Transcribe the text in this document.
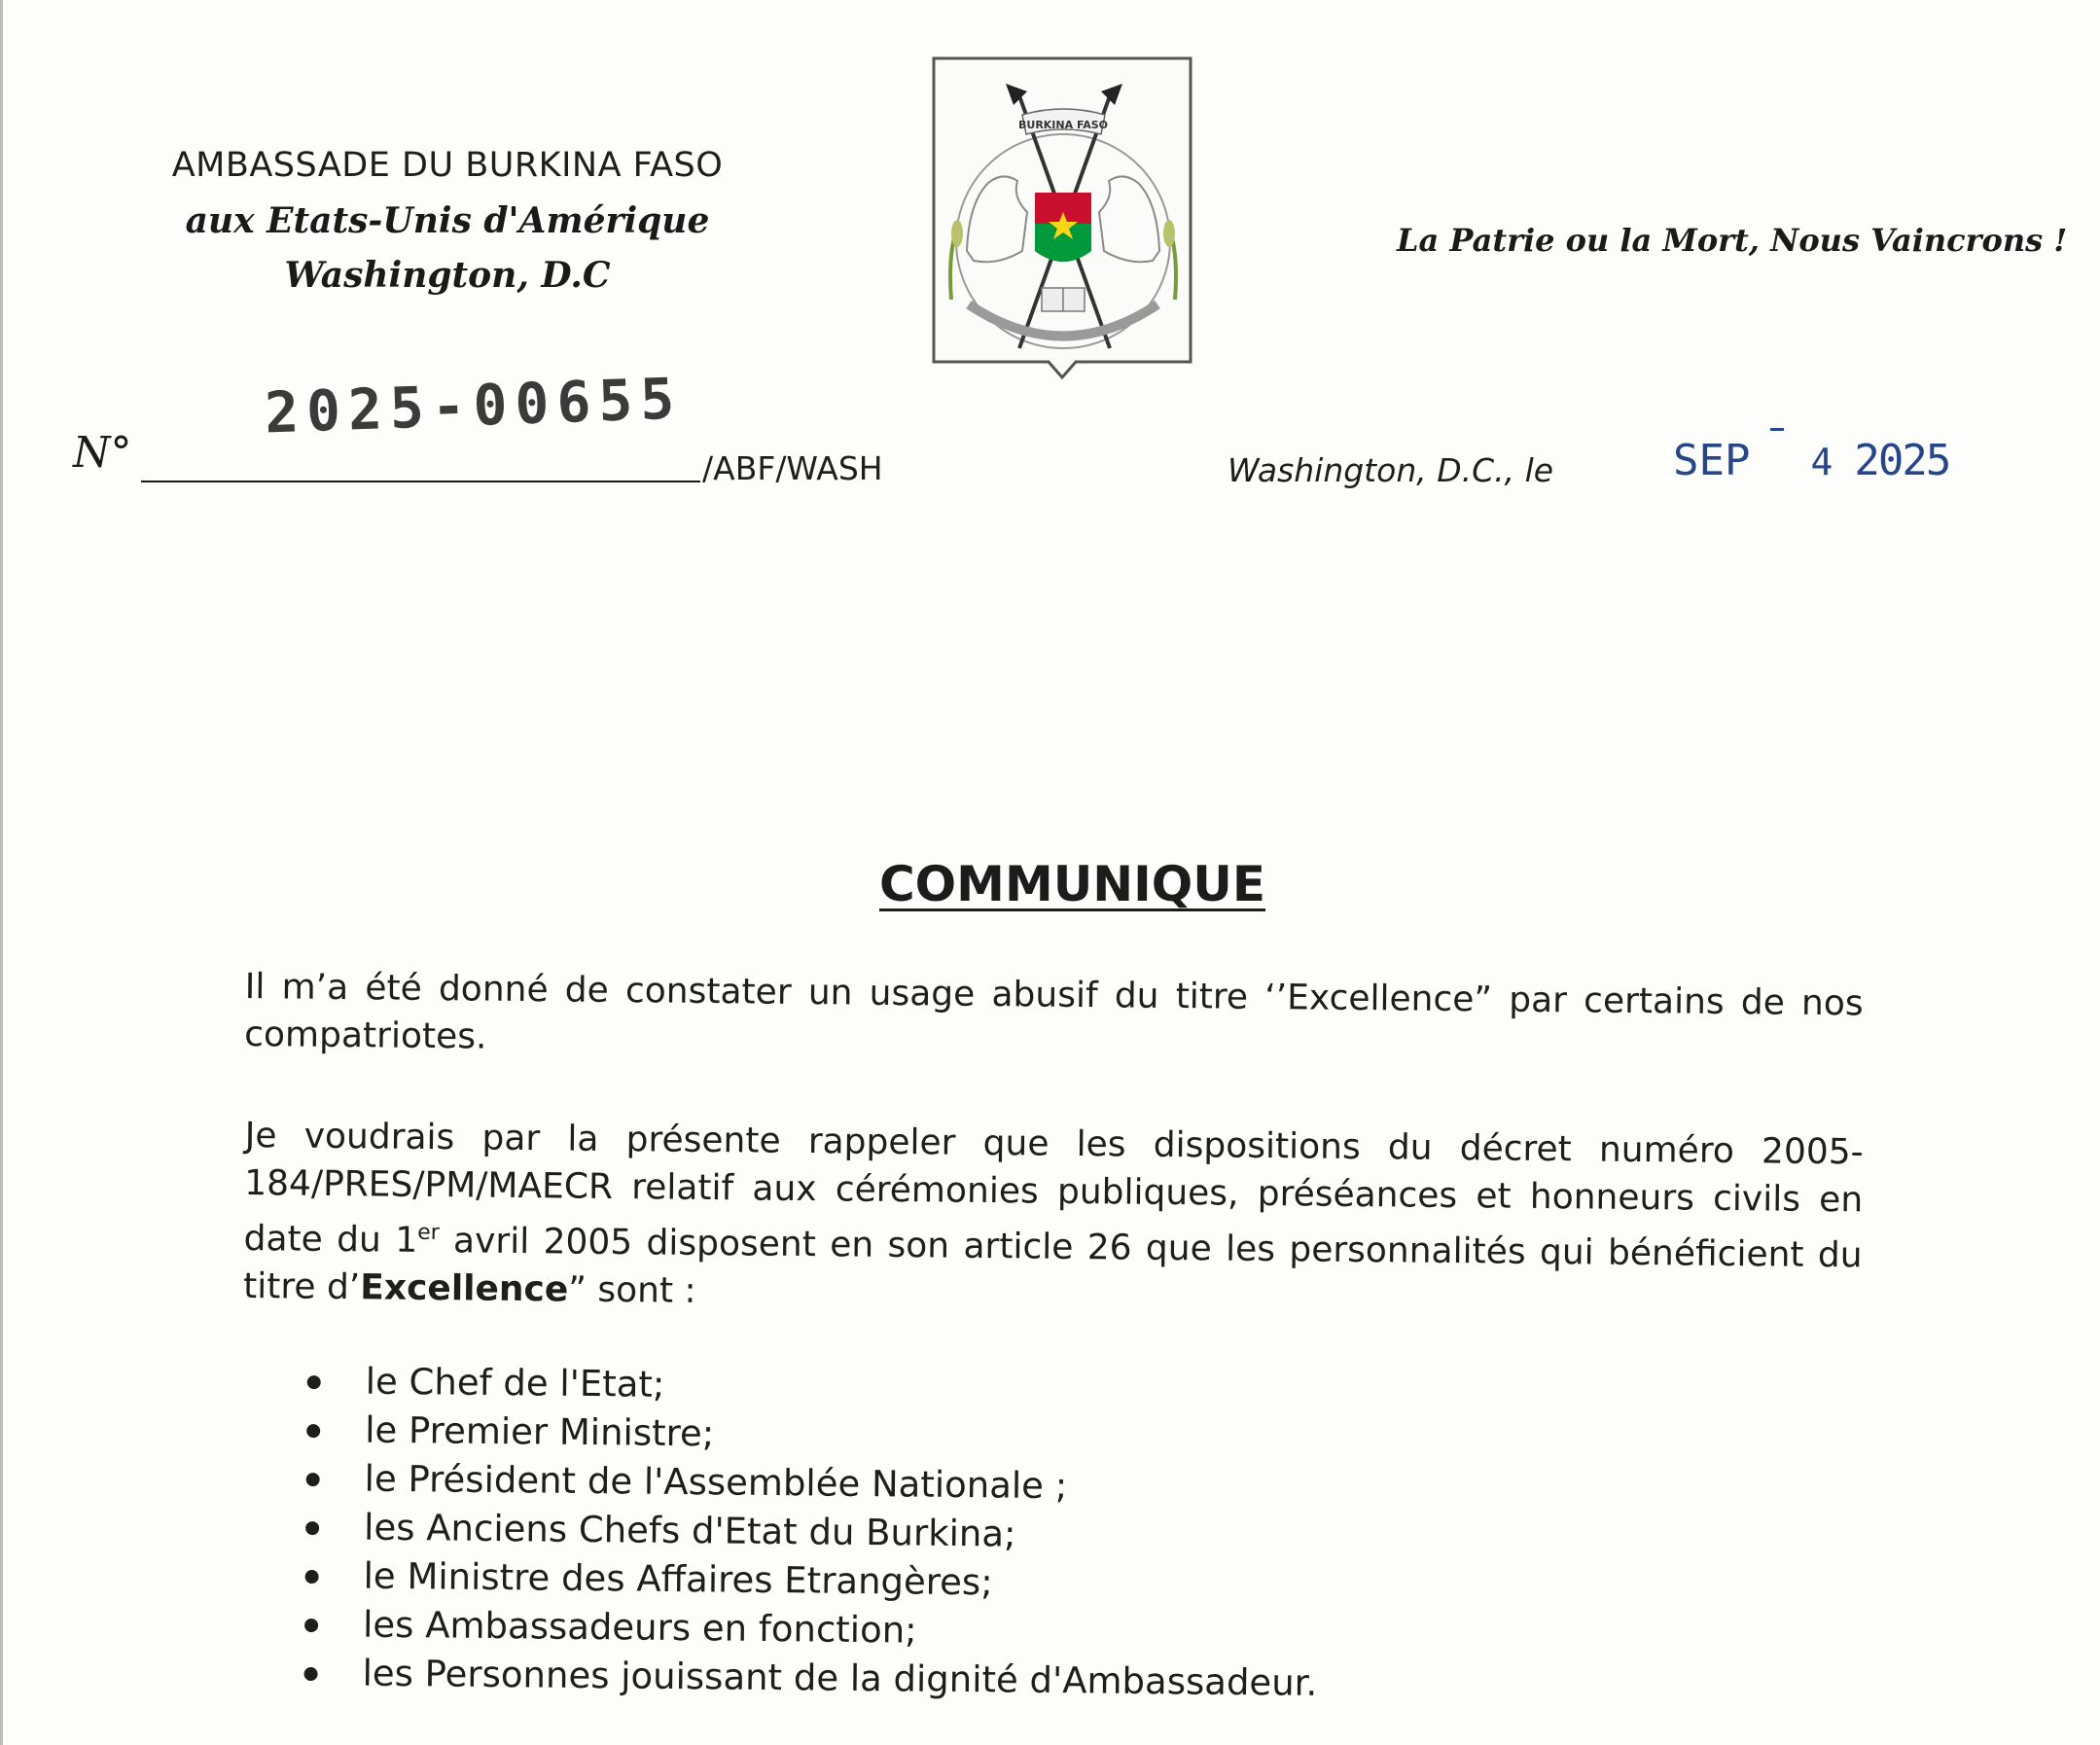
AMBASSADE DU BURKINA FASO
aux Etats-Unis d'Amérique
Washington, D.C
BURKINA FASO
La Patrie ou la Mort, Nous Vaincrons !
N°
2025-00655
/ABF/WASH	Washington, D.C., le	SEP 4 2025
COMMUNIQUE
Il m’a été donné de constater un usage abusif du titre ‘’Excellence” par certains de nos compatriotes.
Je voudrais par la présente rappeler que les dispositions du décret numéro 2005-184/PRES/PM/MAECR relatif aux cérémonies publiques, préséances et honneurs civils en date du 1er avril 2005 disposent en son article 26 que les personnalités qui bénéficient du titre d’Excellence” sont :
le Chef de l'Etat;
le Premier Ministre;
le Président de l'Assemblée Nationale ;
les Anciens Chefs d'Etat du Burkina;
le Ministre des Affaires Etrangères;
les Ambassadeurs en fonction;
les Personnes jouissant de la dignité d'Ambassadeur.
